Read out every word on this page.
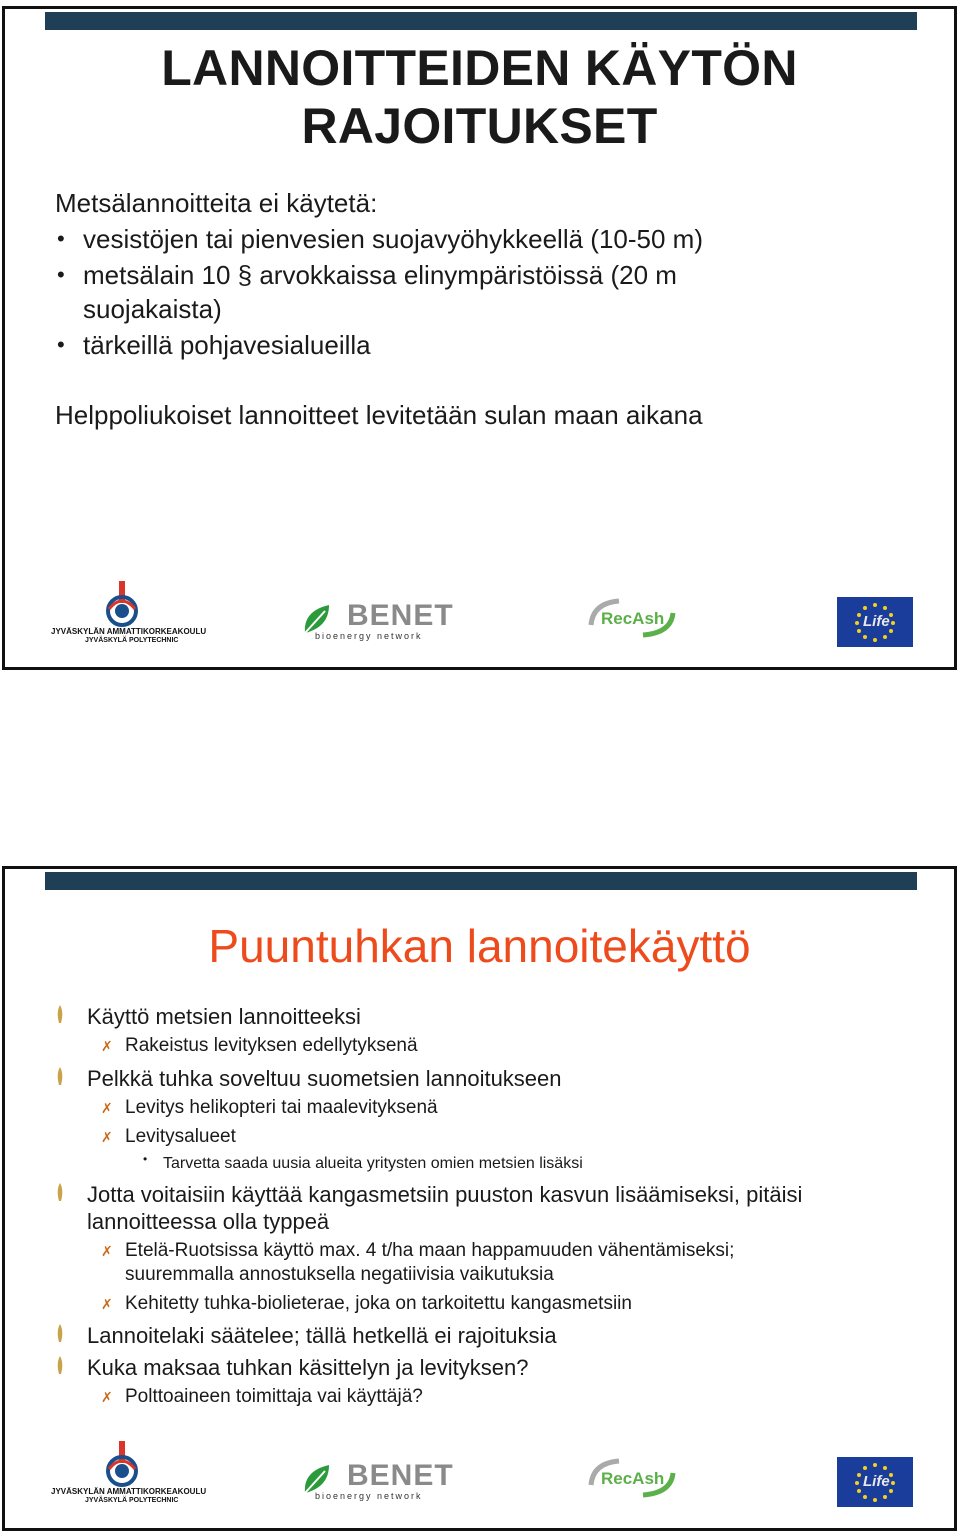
LANNOITTEIDEN KÄYTÖN
RAJOITUKSET
Metsälannoitteita ei käytetä:
• vesistöjen tai pienvesien suojavyöhykkeellä (10-50 m)
• metsälain 10 § arvokkaissa elinympäristöissä (20 m
suojakaista)
• tärkeillä pohjavesialueilla
Helppoliukoiset lannoitteet levitetään sulan maan aikana
JYVÄSKYLÄN AMMATTIKORKEAKOULU
JYVÄSKYLÄ POLYTECHNIC
BENET
bioenergy network
RecAsh	Life
Puuntuhkan lannoitekäyttö
Käyttö metsien lannoitteeksi
✗ Rakeistus levityksen edellytyksenä
Pelkkä tuhka soveltuu suometsien lannoitukseen
✗ Levitys helikopteri tai maalevityksenä
✗ Levitysalueet
• Tarvetta saada uusia alueita yritysten omien metsien lisäksi
Jotta voitaisiin käyttää kangasmetsiin puuston kasvun lisäämiseksi, pitäisi
lannoitteessa olla typpeä
✗ Etelä-Ruotsissa käyttö max. 4 t/ha maan happamuuden vähentämiseksi;
suuremmalla annostuksella negatiivisia vaikutuksia
✗ Kehitetty tuhka-biolieterae, joka on tarkoitettu kangasmetsiin
Lannoitelaki säätelee; tällä hetkellä ei rajoituksia
Kuka maksaa tuhkan käsittelyn ja levityksen?
✗ Polttoaineen toimittaja vai käyttäjä?
JYVÄSKYLÄN AMMATTIKORKEAKOULU
JYVÄSKYLÄ POLYTECHNIC
BENET
bioenergy network
RecAsh	Life
